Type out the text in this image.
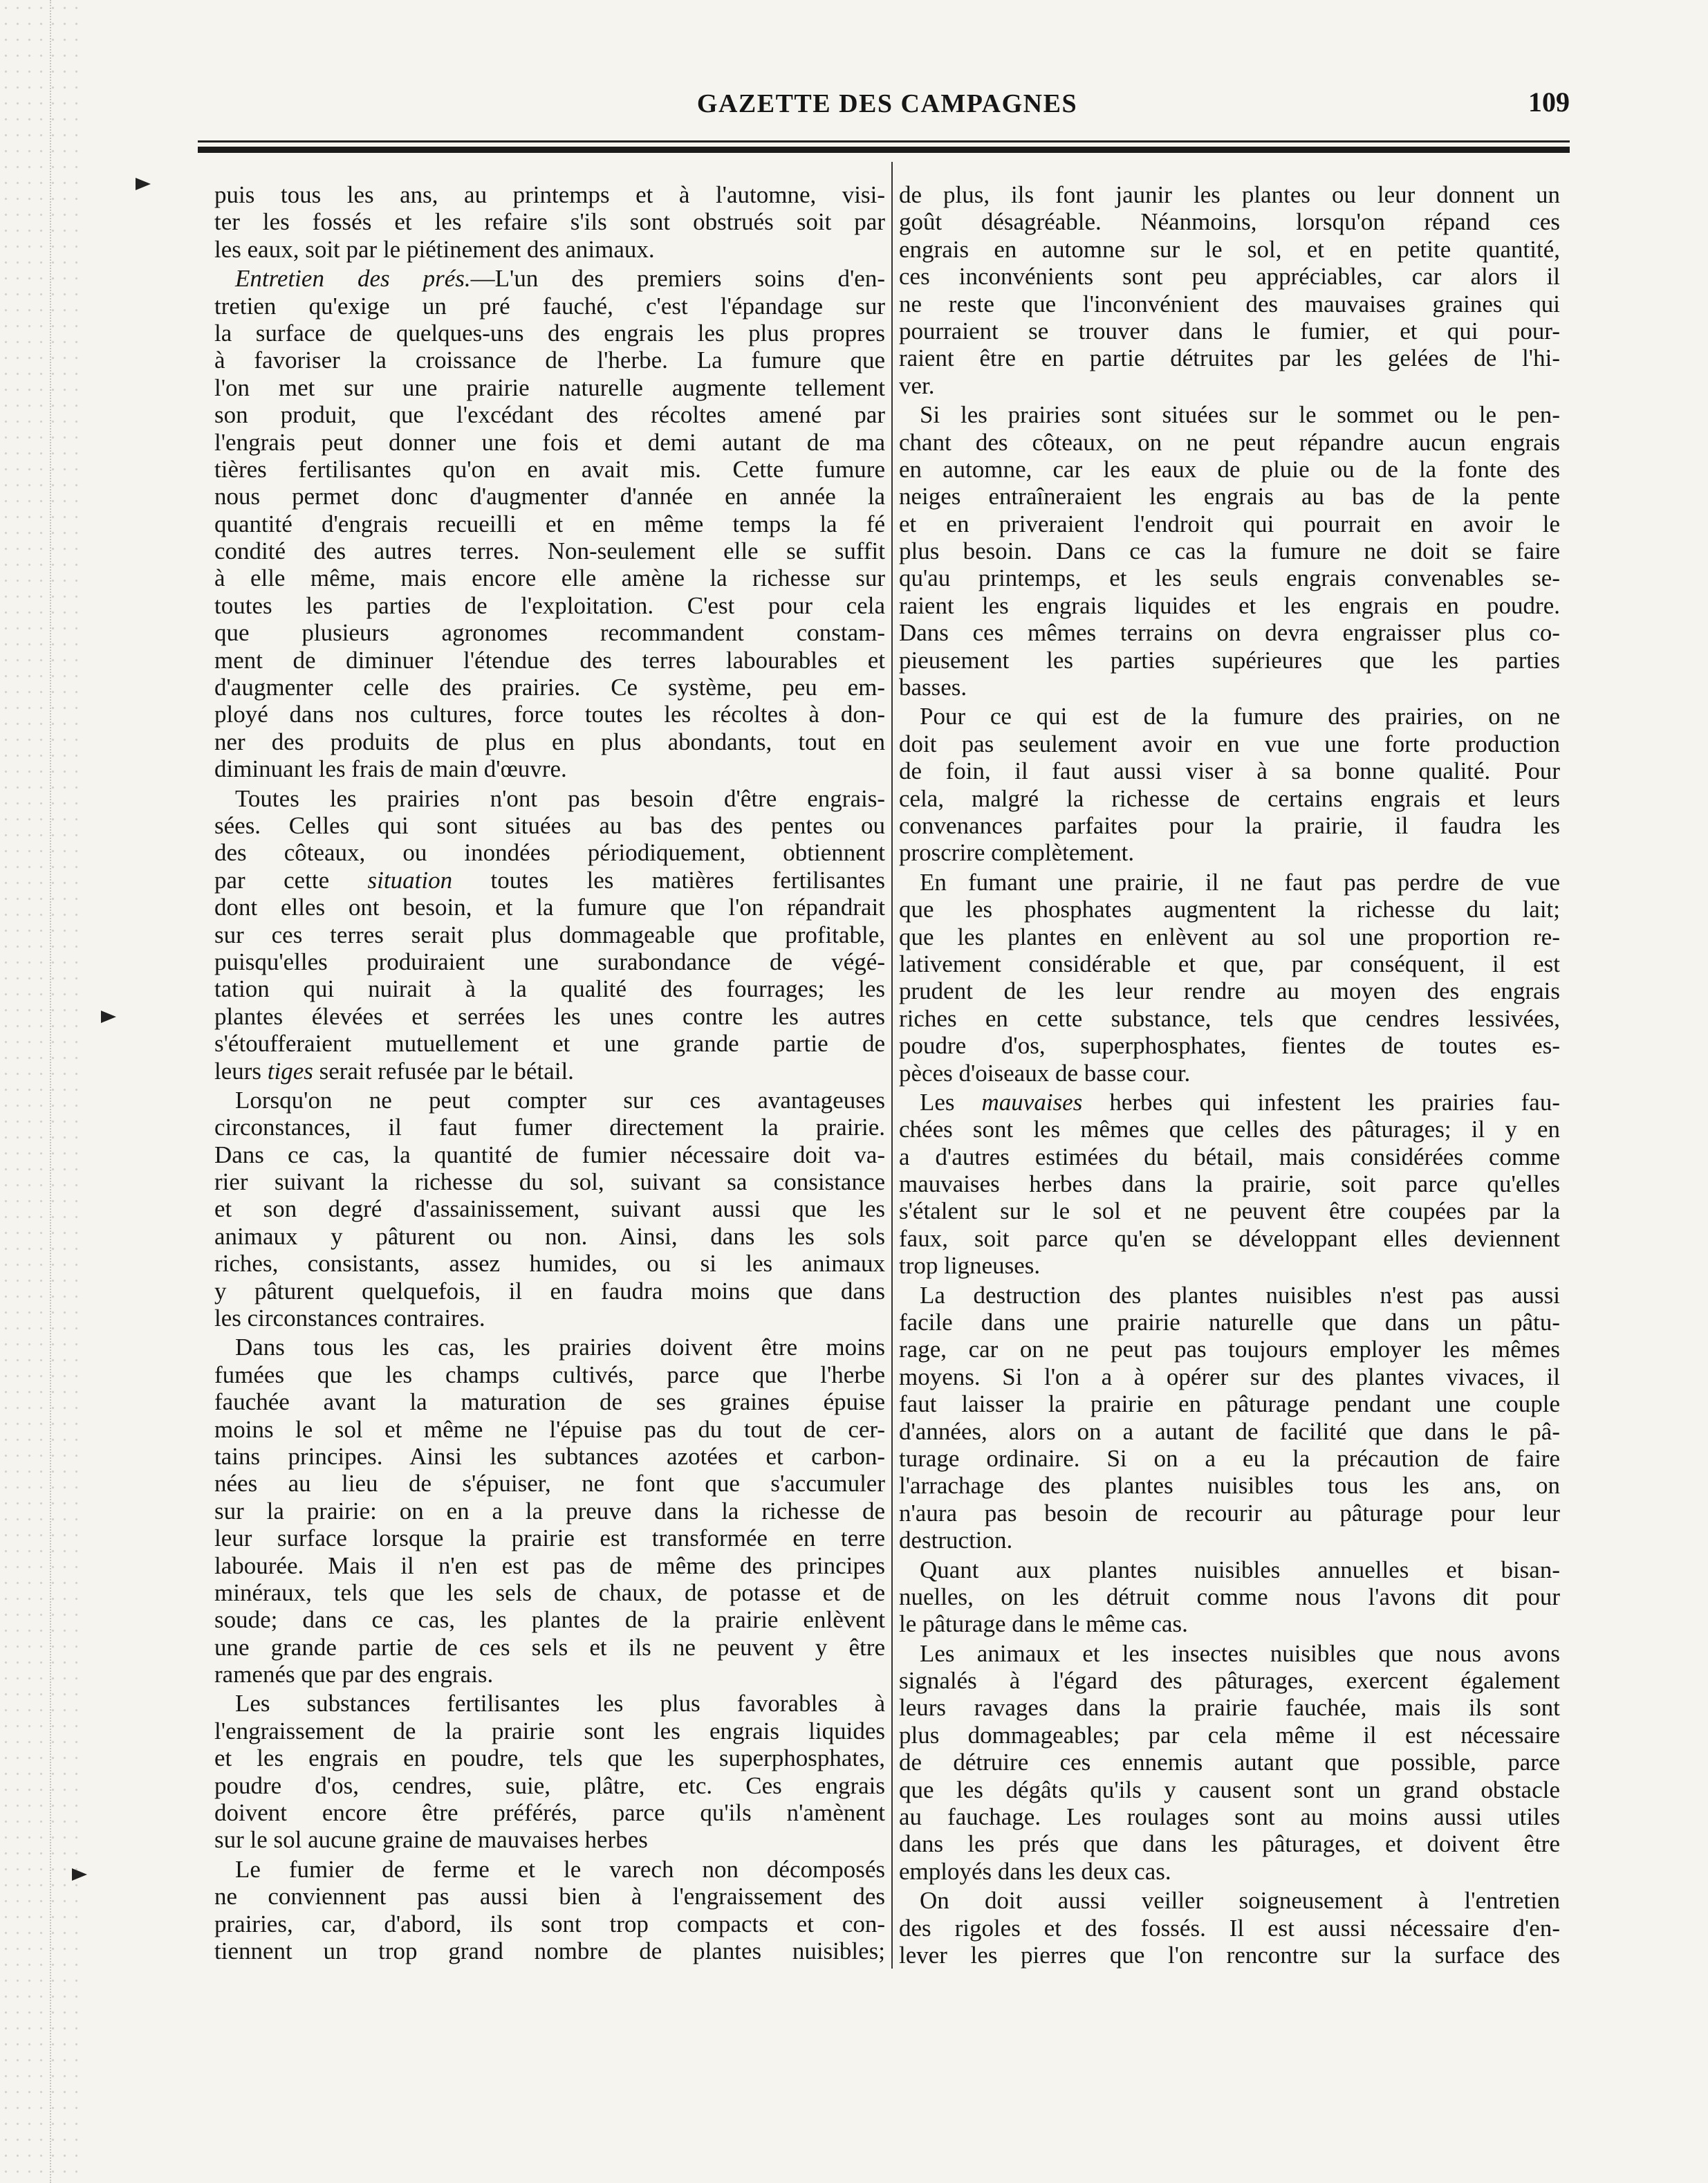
GAZETTE DES CAMPAGNES	109
puis tous les ans, au printemps et à l'automne, visi-
ter les fossés et les refaire s'ils sont obstrués soit par
les eaux, soit par le piétinement des animaux.
Entretien des prés.—L'un des premiers soins d'en-
tretien qu'exige un pré fauché, c'est l'épandage sur
la surface de quelques-uns des engrais les plus propres
à favoriser la croissance de l'herbe. La fumure que
l'on met sur une prairie naturelle augmente tellement
son produit, que l'excédant des récoltes amené par
l'engrais peut donner une fois et demi autant de ma
tières fertilisantes qu'on en avait mis. Cette fumure
nous permet donc d'augmenter d'année en année la
quantité d'engrais recueilli et en même temps la fé
condité des autres terres. Non-seulement elle se suffit
à elle même, mais encore elle amène la richesse sur
toutes les parties de l'exploitation. C'est pour cela
que plusieurs agronomes recommandent constam-
ment de diminuer l'étendue des terres labourables et
d'augmenter celle des prairies. Ce système, peu em-
ployé dans nos cultures, force toutes les récoltes à don-
ner des produits de plus en plus abondants, tout en
diminuant les frais de main d'œuvre.
Toutes les prairies n'ont pas besoin d'être engrais-
sées. Celles qui sont situées au bas des pentes ou
des côteaux, ou inondées périodiquement, obtiennent
par cette situation toutes les matières fertilisantes
dont elles ont besoin, et la fumure que l'on répandrait
sur ces terres serait plus dommageable que profitable,
puisqu'elles produiraient une surabondance de végé-
tation qui nuirait à la qualité des fourrages; les
plantes élevées et serrées les unes contre les autres
s'étoufferaient mutuellement et une grande partie de
leurs tiges serait refusée par le bétail.
Lorsqu'on ne peut compter sur ces avantageuses
circonstances, il faut fumer directement la prairie.
Dans ce cas, la quantité de fumier nécessaire doit va-
rier suivant la richesse du sol, suivant sa consistance
et son degré d'assainissement, suivant aussi que les
animaux y pâturent ou non. Ainsi, dans les sols
riches, consistants, assez humides, ou si les animaux
y pâturent quelquefois, il en faudra moins que dans
les circonstances contraires.
Dans tous les cas, les prairies doivent être moins
fumées que les champs cultivés, parce que l'herbe
fauchée avant la maturation de ses graines épuise
moins le sol et même ne l'épuise pas du tout de cer-
tains principes. Ainsi les subtances azotées et carbon-
nées au lieu de s'épuiser, ne font que s'accumuler
sur la prairie: on en a la preuve dans la richesse de
leur surface lorsque la prairie est transformée en terre
labourée. Mais il n'en est pas de même des principes
minéraux, tels que les sels de chaux, de potasse et de
soude; dans ce cas, les plantes de la prairie enlèvent
une grande partie de ces sels et ils ne peuvent y être
ramenés que par des engrais.
Les substances fertilisantes les plus favorables à
l'engraissement de la prairie sont les engrais liquides
et les engrais en poudre, tels que les superphosphates,
poudre d'os, cendres, suie, plâtre, etc. Ces engrais
doivent encore être préférés, parce qu'ils n'amènent
sur le sol aucune graine de mauvaises herbes
Le fumier de ferme et le varech non décomposés
ne conviennent pas aussi bien à l'engraissement des
prairies, car, d'abord, ils sont trop compacts et con-
tiennent un trop grand nombre de plantes nuisibles;
de plus, ils font jaunir les plantes ou leur donnent un
goût désagréable. Néanmoins, lorsqu'on répand ces
engrais en automne sur le sol, et en petite quantité,
ces inconvénients sont peu appréciables, car alors il
ne reste que l'inconvénient des mauvaises graines qui
pourraient se trouver dans le fumier, et qui pour-
raient être en partie détruites par les gelées de l'hi-
ver.
Si les prairies sont situées sur le sommet ou le pen-
chant des côteaux, on ne peut répandre aucun engrais
en automne, car les eaux de pluie ou de la fonte des
neiges entraîneraient les engrais au bas de la pente
et en priveraient l'endroit qui pourrait en avoir le
plus besoin. Dans ce cas la fumure ne doit se faire
qu'au printemps, et les seuls engrais convenables se-
raient les engrais liquides et les engrais en poudre.
Dans ces mêmes terrains on devra engraisser plus co-
pieusement les parties supérieures que les parties
basses.
Pour ce qui est de la fumure des prairies, on ne
doit pas seulement avoir en vue une forte production
de foin, il faut aussi viser à sa bonne qualité. Pour
cela, malgré la richesse de certains engrais et leurs
convenances parfaites pour la prairie, il faudra les
proscrire complètement.
En fumant une prairie, il ne faut pas perdre de vue
que les phosphates augmentent la richesse du lait;
que les plantes en enlèvent au sol une proportion re-
lativement considérable et que, par conséquent, il est
prudent de les leur rendre au moyen des engrais
riches en cette substance, tels que cendres lessivées,
poudre d'os, superphosphates, fientes de toutes es-
pèces d'oiseaux de basse cour.
Les mauvaises herbes qui infestent les prairies fau-
chées sont les mêmes que celles des pâturages; il y en
a d'autres estimées du bétail, mais considérées comme
mauvaises herbes dans la prairie, soit parce qu'elles
s'étalent sur le sol et ne peuvent être coupées par la
faux, soit parce qu'en se développant elles deviennent
trop ligneuses.
La destruction des plantes nuisibles n'est pas aussi
facile dans une prairie naturelle que dans un pâtu-
rage, car on ne peut pas toujours employer les mêmes
moyens. Si l'on a à opérer sur des plantes vivaces, il
faut laisser la prairie en pâturage pendant une couple
d'années, alors on a autant de facilité que dans le pâ-
turage ordinaire. Si on a eu la précaution de faire
l'arrachage des plantes nuisibles tous les ans, on
n'aura pas besoin de recourir au pâturage pour leur
destruction.
Quant aux plantes nuisibles annuelles et bisan-
nuelles, on les détruit comme nous l'avons dit pour
le pâturage dans le même cas.
Les animaux et les insectes nuisibles que nous avons
signalés à l'égard des pâturages, exercent également
leurs ravages dans la prairie fauchée, mais ils sont
plus dommageables; par cela même il est nécessaire
de détruire ces ennemis autant que possible, parce
que les dégâts qu'ils y causent sont un grand obstacle
au fauchage. Les roulages sont au moins aussi utiles
dans les prés que dans les pâturages, et doivent être
employés dans les deux cas.
On doit aussi veiller soigneusement à l'entretien
des rigoles et des fossés. Il est aussi nécessaire d'en-
lever les pierres que l'on rencontre sur la surface des
